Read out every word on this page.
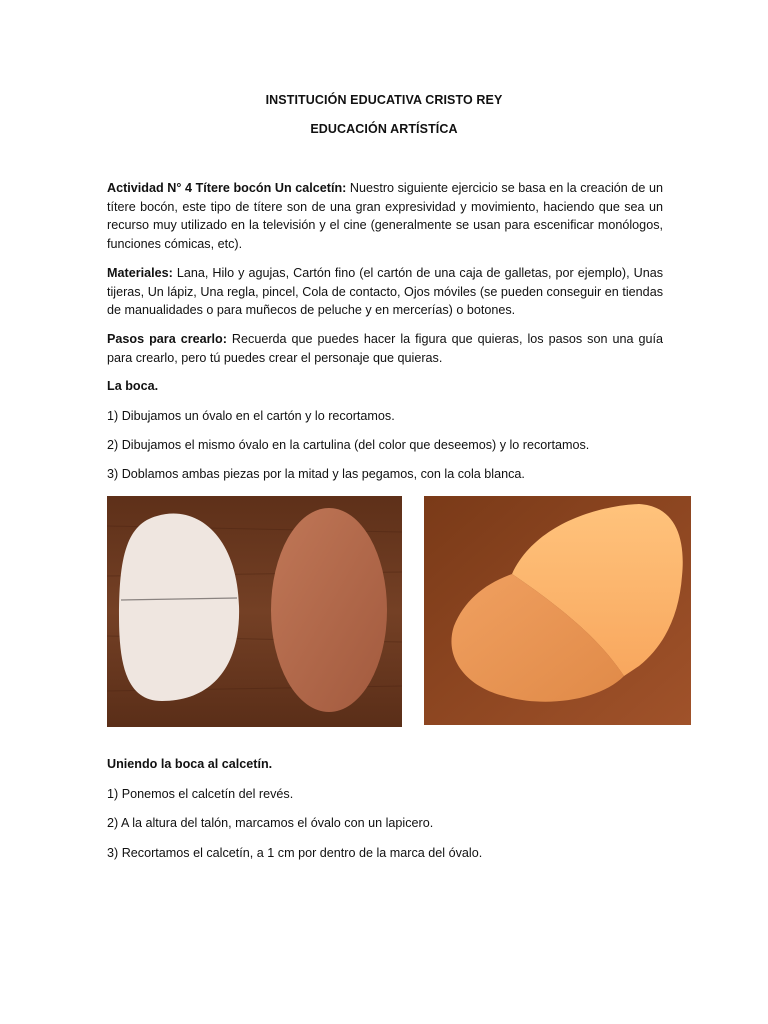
INSTITUCIÓN EDUCATIVA CRISTO REY
EDUCACIÓN ARTÍSTÍCA
Actividad N° 4 Títere bocón Un calcetín: Nuestro siguiente ejercicio se basa en la creación de un títere bocón, este tipo de títere son de una gran expresividad y movimiento, haciendo que sea un recurso muy utilizado en la televisión y el cine (generalmente se usan para escenificar monólogos, funciones cómicas, etc).
Materiales: Lana, Hilo y agujas, Cartón fino (el cartón de una caja de galletas, por ejemplo), Unas tijeras, Un lápiz, Una regla, pincel, Cola de contacto, Ojos móviles (se pueden conseguir en tiendas de manualidades o para muñecos de peluche y en mercerías) o botones.
Pasos para crearlo: Recuerda que puedes hacer la figura que quieras, los pasos son una guía para crearlo, pero tú puedes crear el personaje que quieras.
La boca.
1) Dibujamos un óvalo en el cartón y lo recortamos.
2) Dibujamos el mismo óvalo en la cartulina (del color que deseemos) y lo recortamos.
3) Doblamos ambas piezas por la mitad y las pegamos, con la cola blanca.
Uniendo la boca al calcetín.
1) Ponemos el calcetín del revés.
2) A la altura del talón, marcamos el óvalo con un lapicero.
3) Recortamos el calcetín, a 1 cm por dentro de la marca del óvalo.
